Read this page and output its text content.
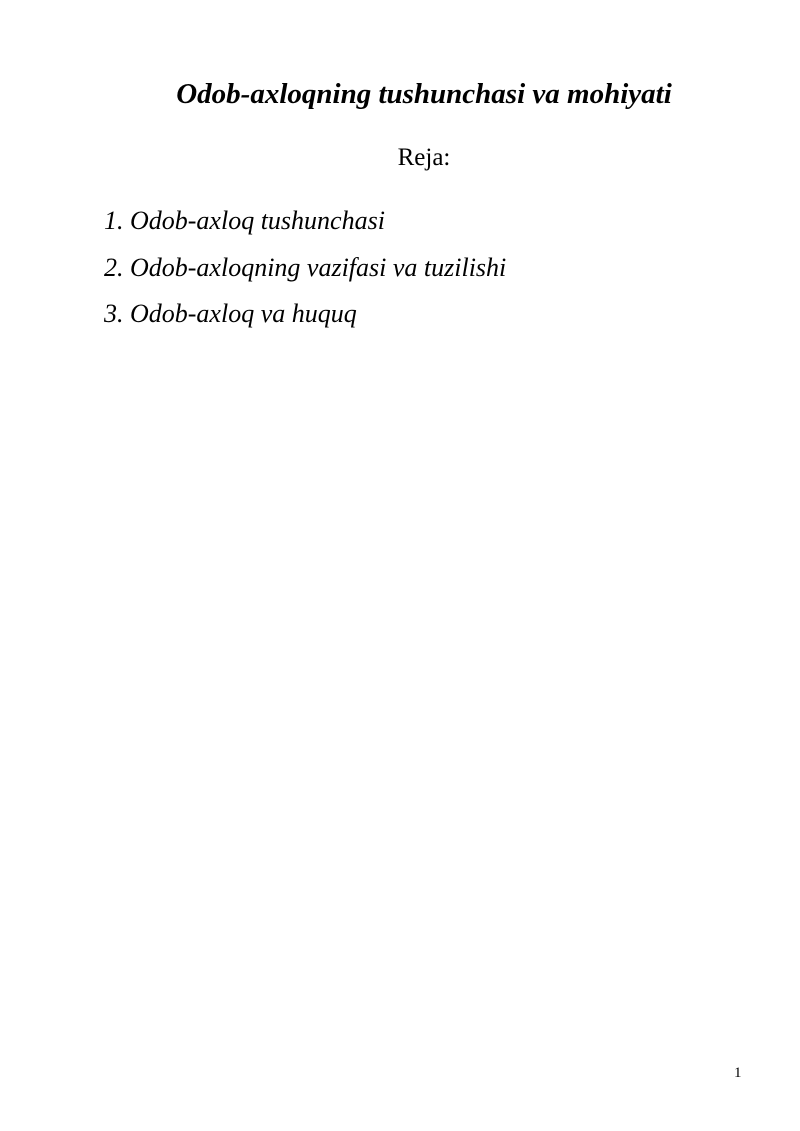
Odob-axloqning tushunchasi va mohiyati
Reja:
1. Odob-axloq tushunchasi
2. Odob-axloqning vazifasi va tuzilishi
3. Odob-axloq va huquq
1
